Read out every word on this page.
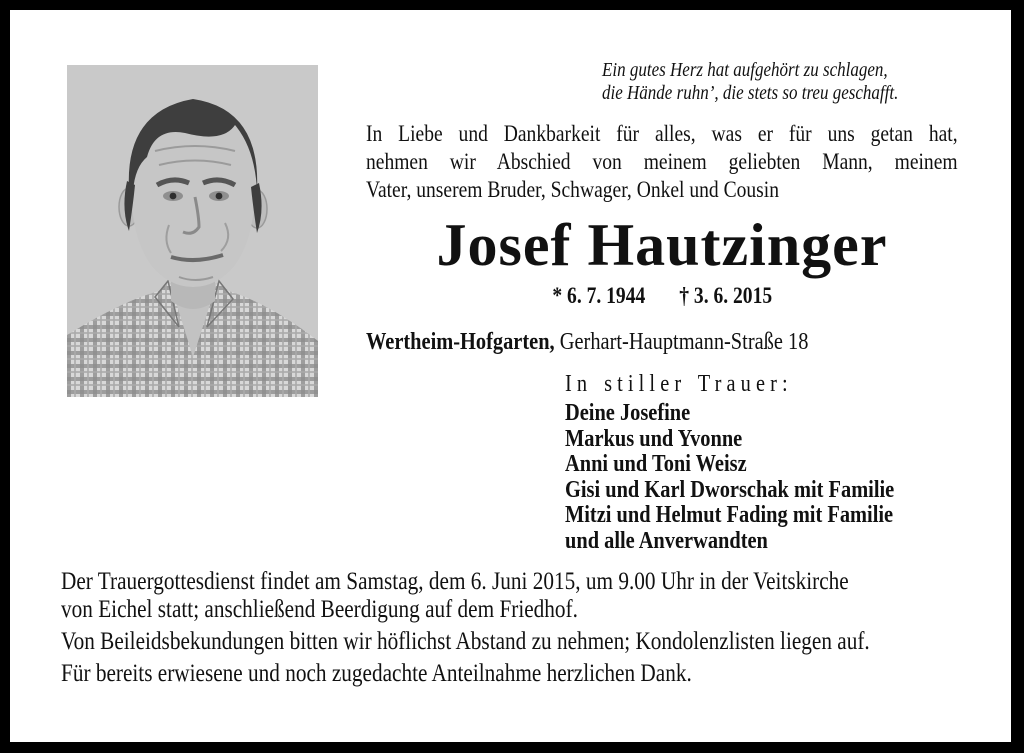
Ein gutes Herz hat aufgehört zu schlagen,
die Hände ruhn’, die stets so treu geschafft.
In Liebe und Dankbarkeit für alles, was er für uns getan hat,
nehmen wir Abschied von meinem geliebten Mann, meinem
Vater, unserem Bruder, Schwager, Onkel und Cousin
Josef Hautzinger
* 6. 7. 1944 † 3. 6. 2015
Wertheim-Hofgarten, Gerhart-Hauptmann-Straße 18
In stiller Trauer:
Deine Josefine
Markus und Yvonne
Anni und Toni Weisz
Gisi und Karl Dworschak mit Familie
Mitzi und Helmut Fading mit Familie
und alle Anverwandten
Der Trauergottesdienst findet am Samstag, dem 6. Juni 2015, um 9.00 Uhr in der Veitskirche
von Eichel statt; anschließend Beerdigung auf dem Friedhof.
Von Beileidsbekundungen bitten wir höflichst Abstand zu nehmen; Kondolenzlisten liegen auf.
Für bereits erwiesene und noch zugedachte Anteilnahme herzlichen Dank.
